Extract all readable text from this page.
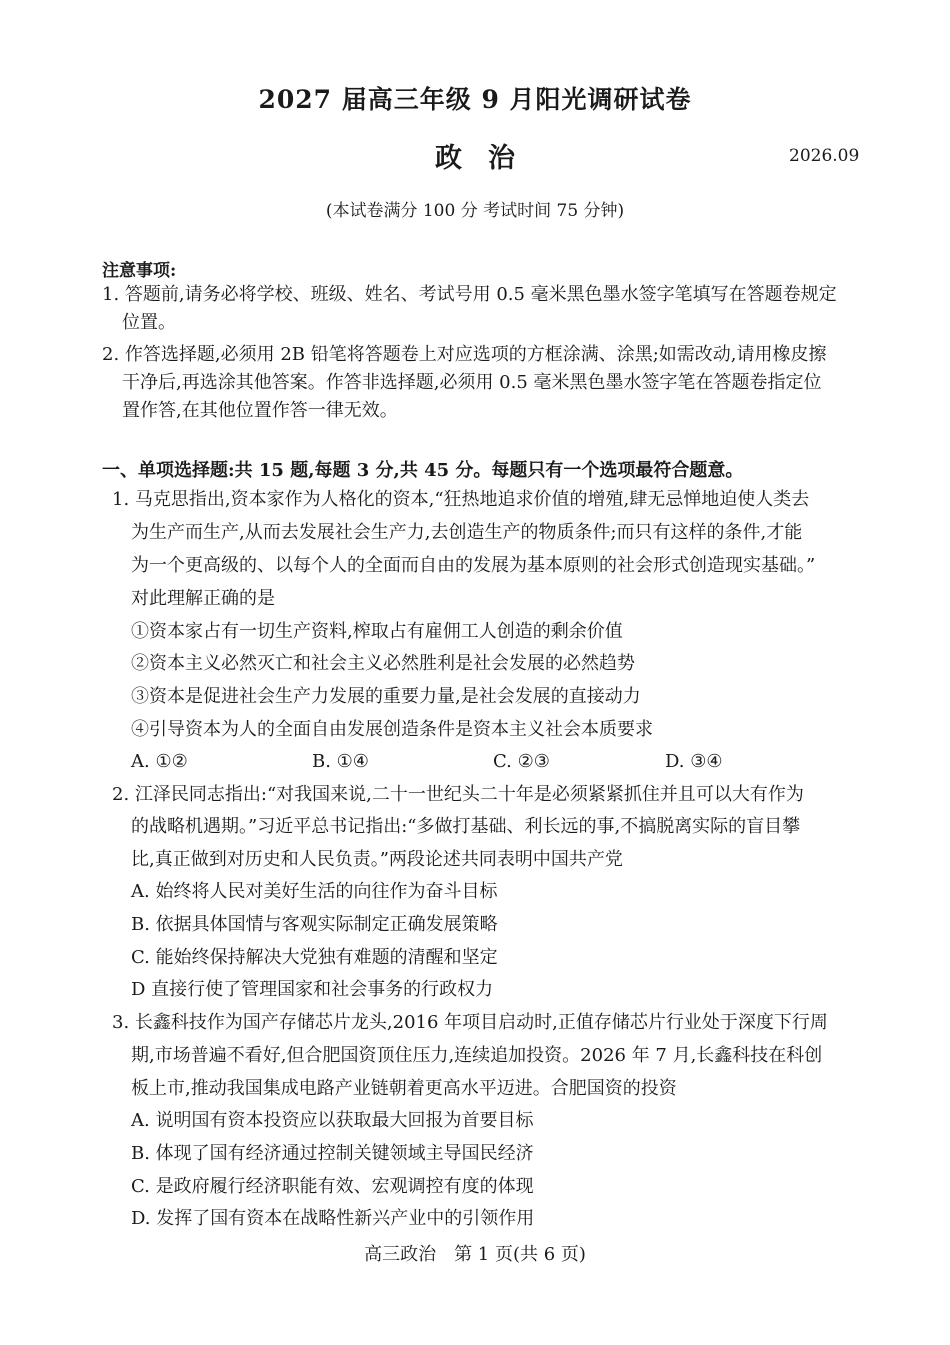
2027 届高三年级 9 月阳光调研试卷
政治	2026.09
(本试卷满分 100 分 考试时间 75 分钟)
注意事项:
1. 答题前,请务必将学校、班级、姓名、考试号用 0.5 毫米黑色墨水签字笔填写在答题卷规定
位置。
2. 作答选择题,必须用 2B 铅笔将答题卷上对应选项的方框涂满、涂黑;如需改动,请用橡皮擦
干净后,再选涂其他答案。作答非选择题,必须用 0.5 毫米黑色墨水签字笔在答题卷指定位
置作答,在其他位置作答一律无效。
一、单项选择题:共 15 题,每题 3 分,共 45 分。每题只有一个选项最符合题意。
1. 马克思指出,资本家作为人格化的资本,“狂热地追求价值的增殖,肆无忌惮地迫使人类去
为生产而生产,从而去发展社会生产力,去创造生产的物质条件;而只有这样的条件,才能
为一个更高级的、以每个人的全面而自由的发展为基本原则的社会形式创造现实基础。”
对此理解正确的是
①资本家占有一切生产资料,榨取占有雇佣工人创造的剩余价值
②资本主义必然灭亡和社会主义必然胜利是社会发展的必然趋势
③资本是促进社会生产力发展的重要力量,是社会发展的直接动力
④引导资本为人的全面自由发展创造条件是资本主义社会本质要求
A. ①②	B. ①④	C. ②③	D. ③④
2. 江泽民同志指出:“对我国来说,二十一世纪头二十年是必须紧紧抓住并且可以大有作为
的战略机遇期。”习近平总书记指出:“多做打基础、利长远的事,不搞脱离实际的盲目攀
比,真正做到对历史和人民负责。”两段论述共同表明中国共产党
A. 始终将人民对美好生活的向往作为奋斗目标
B. 依据具体国情与客观实际制定正确发展策略
C. 能始终保持解决大党独有难题的清醒和坚定
D 直接行使了管理国家和社会事务的行政权力
3. 长鑫科技作为国产存储芯片龙头,2016 年项目启动时,正值存储芯片行业处于深度下行周
期,市场普遍不看好,但合肥国资顶住压力,连续追加投资。2026 年 7 月,长鑫科技在科创
板上市,推动我国集成电路产业链朝着更高水平迈进。合肥国资的投资
A. 说明国有资本投资应以获取最大回报为首要目标
B. 体现了国有经济通过控制关键领域主导国民经济
C. 是政府履行经济职能有效、宏观调控有度的体现
D. 发挥了国有资本在战略性新兴产业中的引领作用
高三政治　第 1 页(共 6 页)
